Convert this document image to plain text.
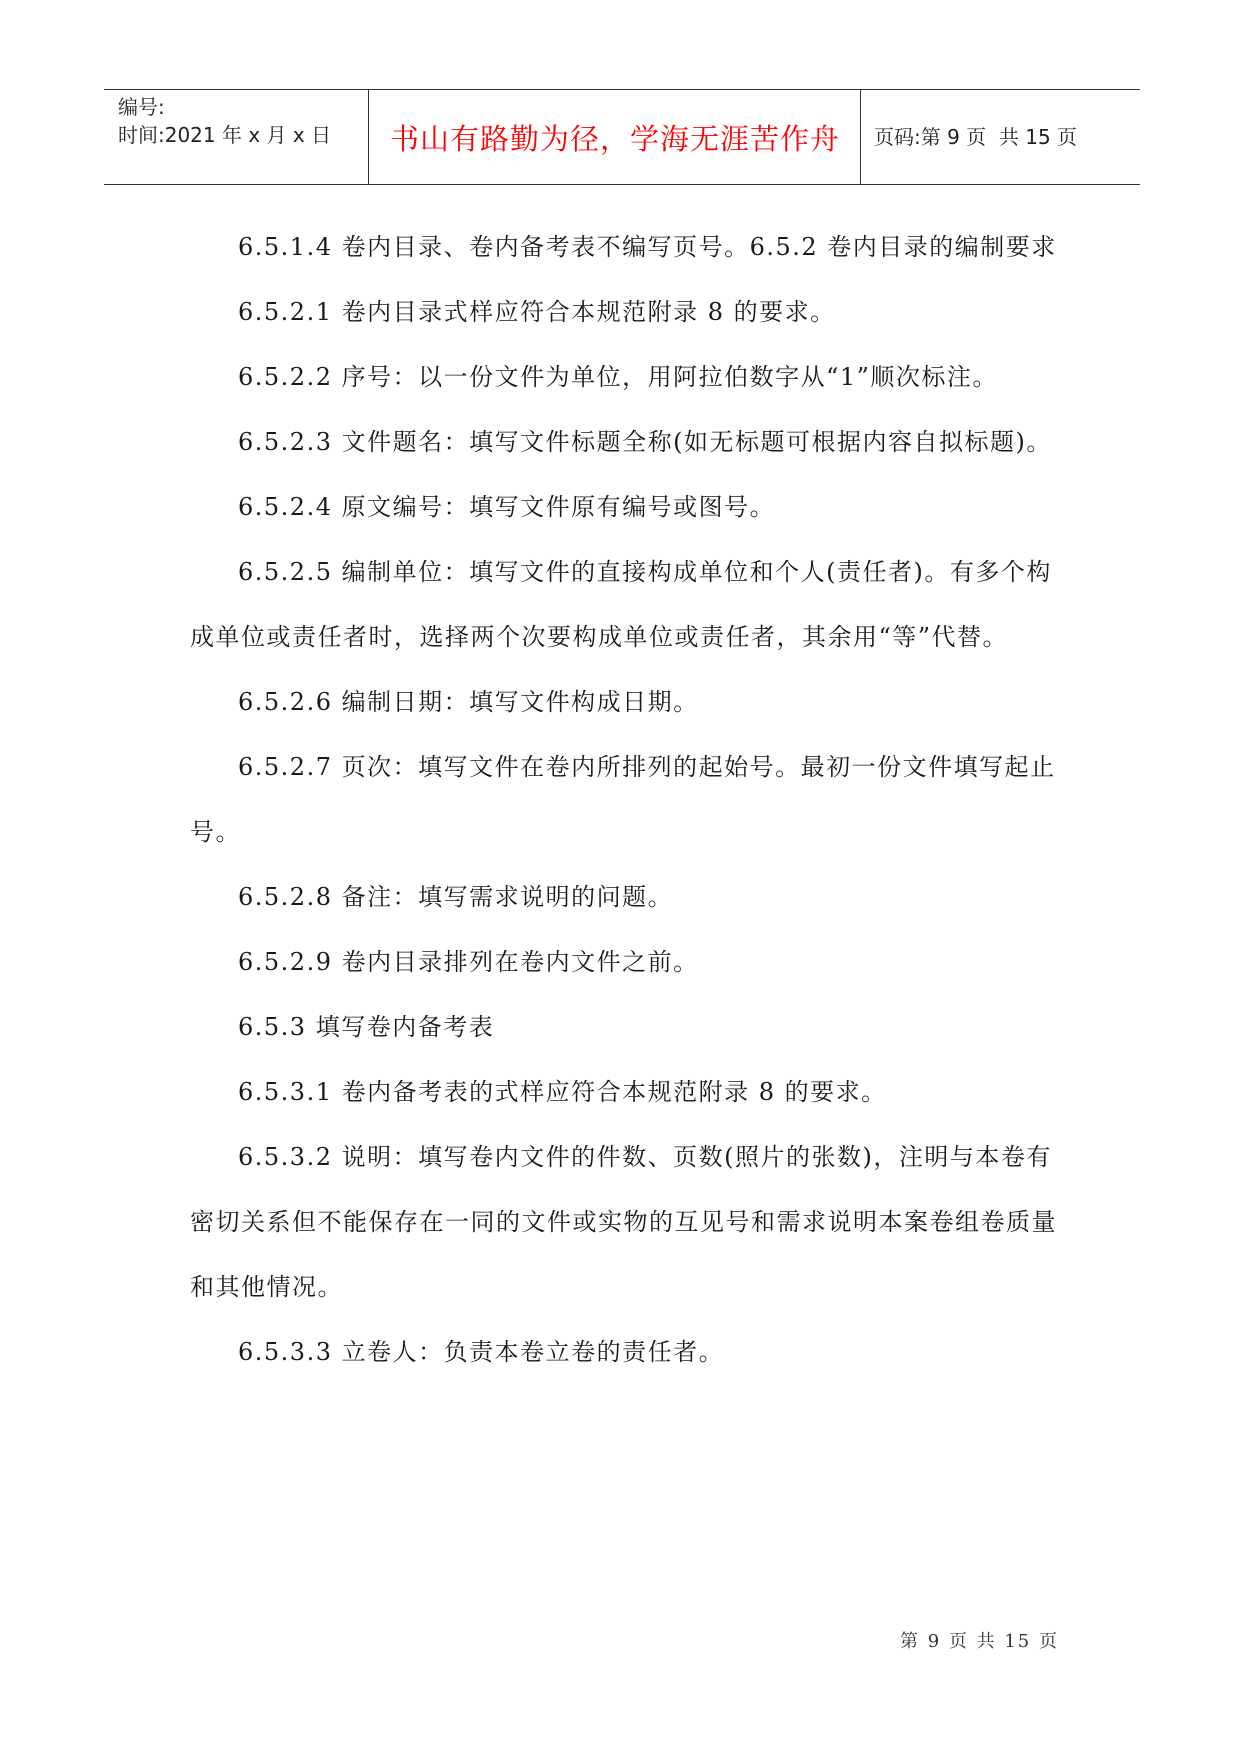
编号:
时间:2021 年 x 月 x 日	书山有路勤为径，学海无涯苦作舟	页码:第 9 页  共 15 页

6.5.1.4 卷内目录、卷内备考表不编写页号。6.5.2 卷内目录的编制要求

6.5.2.1 卷内目录式样应符合本规范附录 8 的要求。

6.5.2.2 序号：以一份文件为单位，用阿拉伯数字从“1”顺次标注。

6.5.2.3 文件题名：填写文件标题全称(如无标题可根据内容自拟标题)。

6.5.2.4 原文编号：填写文件原有编号或图号。

6.5.2.5 编制单位：填写文件的直接构成单位和个人(责任者)。有多个构成单位或责任者时，选择两个次要构成单位或责任者，其余用“等”代替。

6.5.2.6 编制日期：填写文件构成日期。

6.5.2.7 页次：填写文件在卷内所排列的起始号。最初一份文件填写起止号。

6.5.2.8 备注：填写需求说明的问题。

6.5.2.9 卷内目录排列在卷内文件之前。

6.5.3 填写卷内备考表

6.5.3.1 卷内备考表的式样应符合本规范附录 8 的要求。

6.5.3.2 说明：填写卷内文件的件数、页数(照片的张数)，注明与本卷有密切关系但不能保存在一同的文件或实物的互见号和需求说明本案卷组卷质量和其他情况。

6.5.3.3 立卷人：负责本卷立卷的责任者。

第 9 页 共 15 页
